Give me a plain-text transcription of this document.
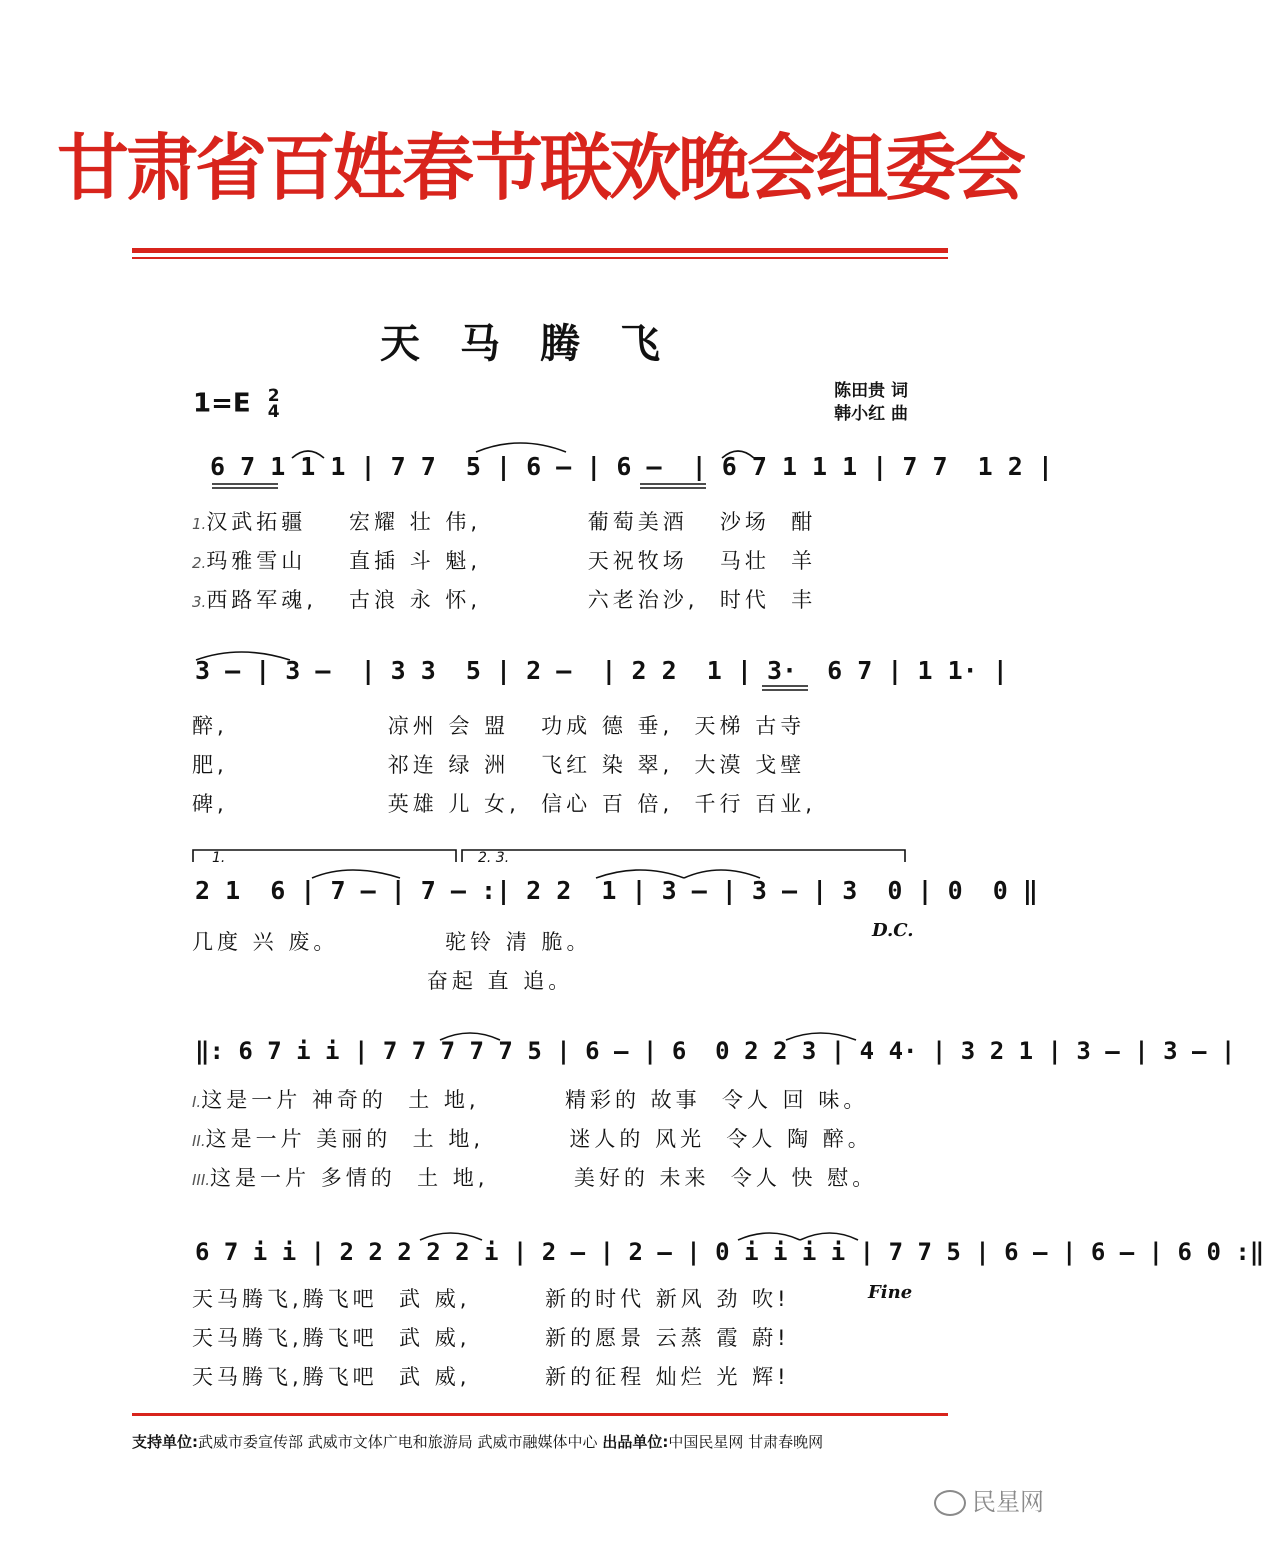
甘肃省百姓春节联欢晚会组委会
天马腾飞
1=E 2
4
陈田贵 词
韩小红 曲
6 7 1 1 1 | 7 7  5 | 6 – | 6 –  | 6 7 1 1 1 | 7 7  1 2 |
1.汉武拓疆    宏耀 壮 伟,          葡萄美酒   沙场  酣
2.玛雅雪山    直插 斗 魁,          天祝牧场   马壮  羊
3.西路军魂,   古浪 永 怀,          六老治沙,  时代  丰
3 – | 3 –  | 3 3  5 | 2 –  | 2 2  1 | 3·  6 7 | 1 1· |
醉,               凉州 会 盟   功成 德 垂,  天梯 古寺
肥,               祁连 绿 洲   飞红 染 翠,  大漠 戈壁
碑,               英雄 儿 女,  信心 百 倍,  千行 百业,
1.	2. 3.
2 1  6 | 7 – | 7 – :| 2 2  1 | 3 – | 3 – | 3  0 | 0  0 ‖
几度 兴 废。          驼铃 清 脆。
奋起 直 追。
D.C.
‖: 6 7 i i | 7 7 7 7 7 5 | 6 – | 6  0 2 2 3 | 4 4· | 3 2 1 | 3 – | 3 – |
I.这是一片 神奇的  土 地,        精彩的 故事  令人 回 味。
II.这是一片 美丽的  土 地,        迷人的 风光  令人 陶 醉。
III.这是一片 多情的  土 地,        美好的 未来  令人 快 慰。
6 7 i i | 2 2 2 2 2 i | 2 – | 2 – | 0 i i i i | 7 7 5 | 6 – | 6 – | 6 0 :‖
天马腾飞,腾飞吧  武 威,       新的时代 新风 劲 吹!
天马腾飞,腾飞吧  武 威,       新的愿景 云蒸 霞 蔚!
天马腾飞,腾飞吧  武 威,       新的征程 灿烂 光 辉!
Fine
支持单位:武威市委宣传部 武威市文体广电和旅游局 武威市融媒体中心 出品单位:中国民星网 甘肃春晚网
民星网
